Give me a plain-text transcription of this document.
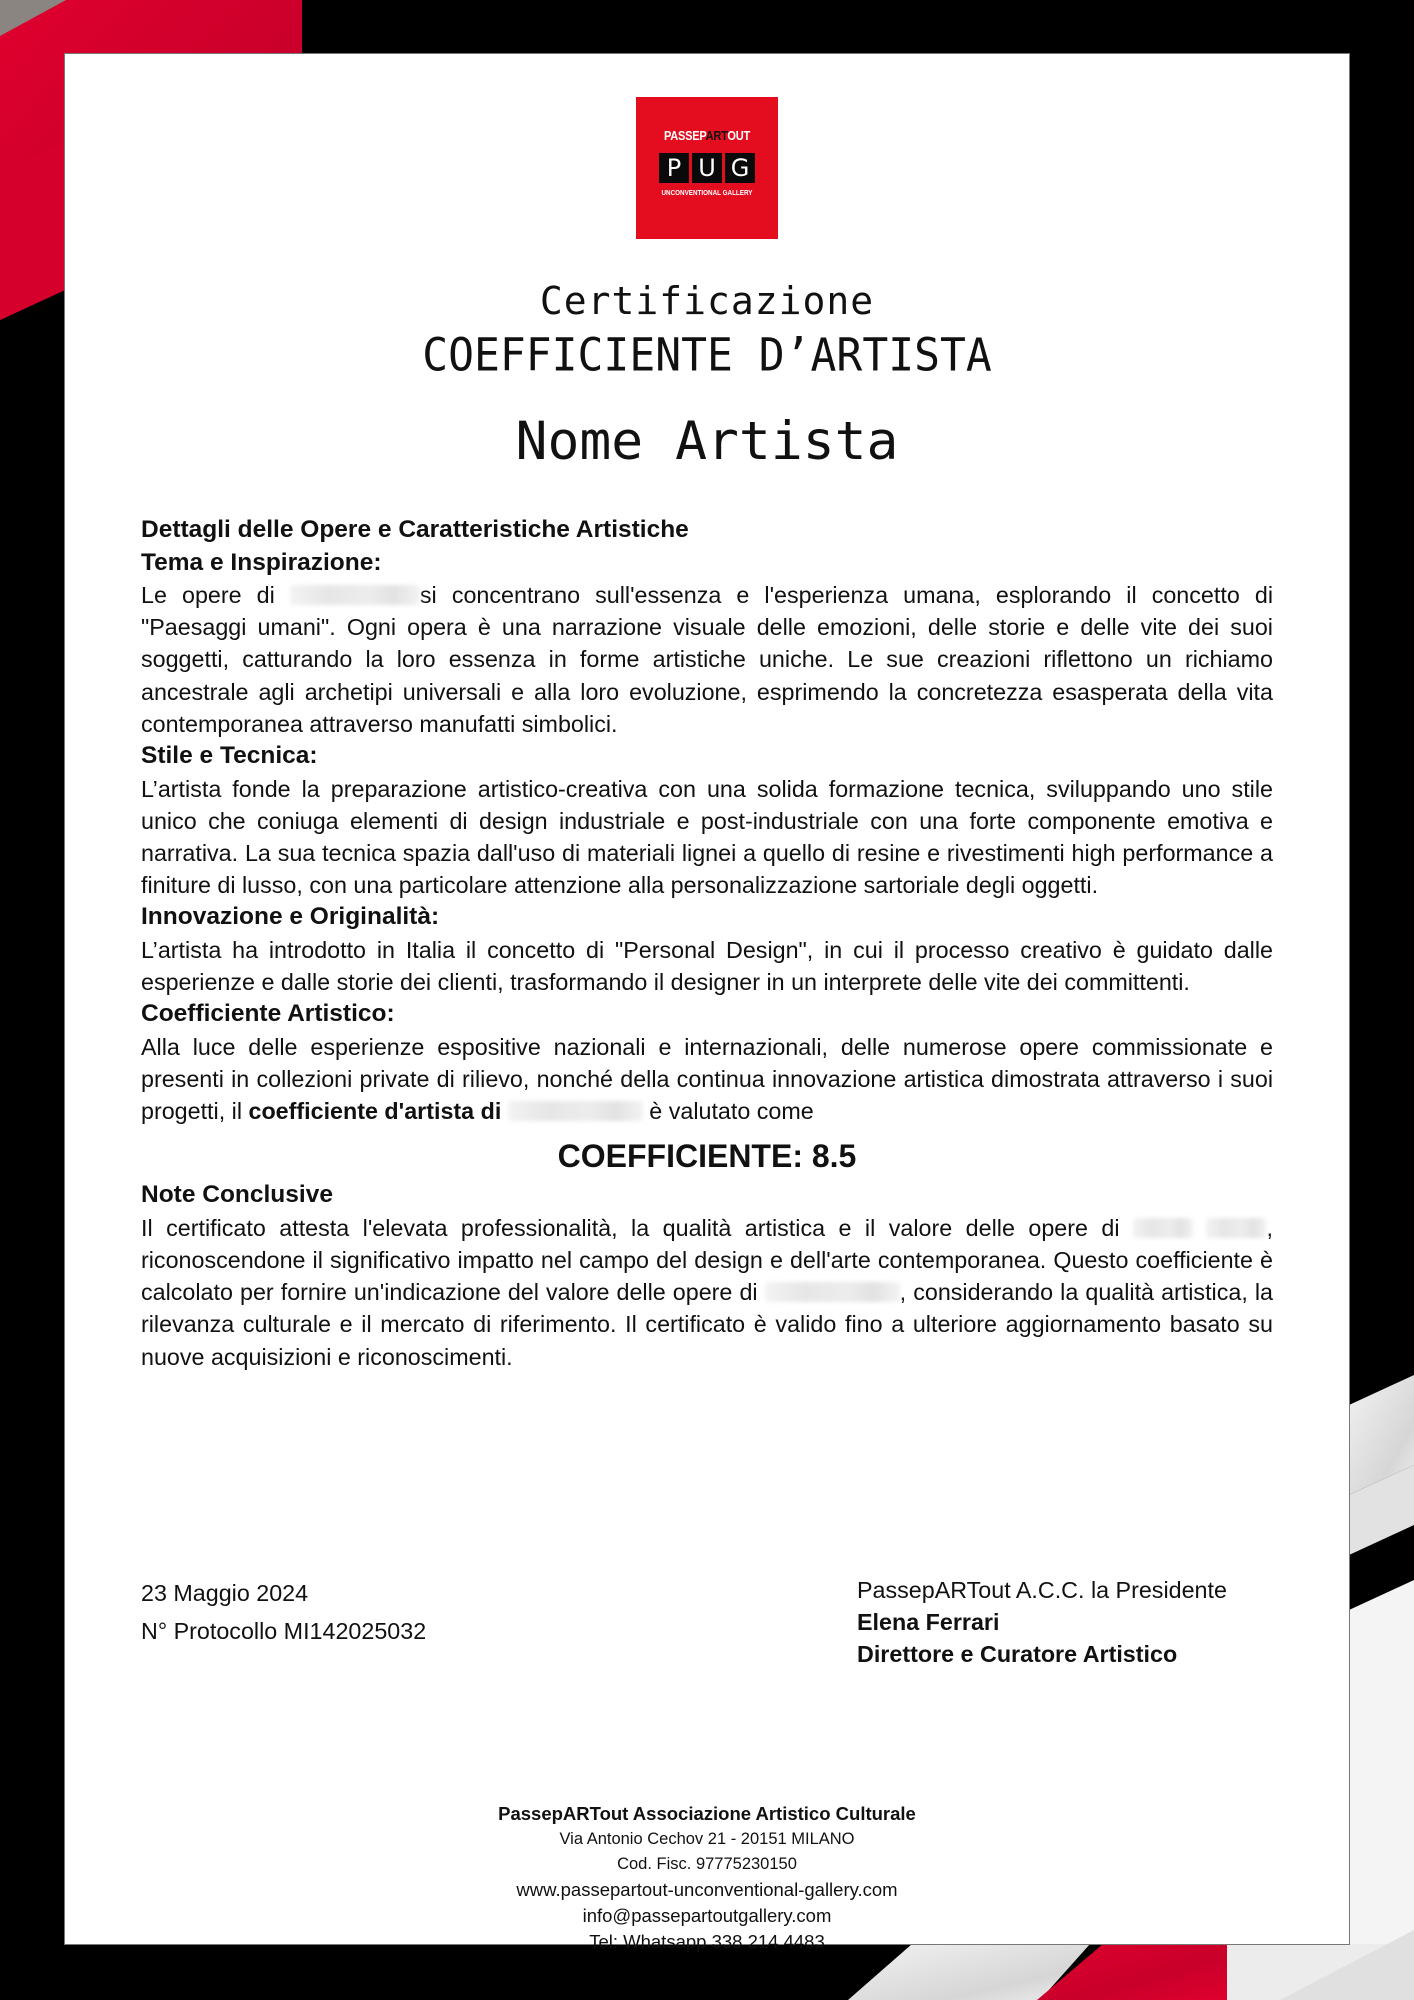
PASSEPARTOUT
P U G
UNCONVENTIONAL GALLERY
Certificazione
COEFFICIENTE D’ARTISTA
Nome Artista
Dettagli delle Opere e Caratteristiche Artistiche
Tema e Inspirazione:

Le opere di	si concentrano sull'essenza e l'esperienza umana, esplorando il concetto di "Paesaggi umani". Ogni opera è una narrazione visuale delle emozioni, delle storie e delle vite dei suoi soggetti, catturando la loro essenza in forme artistiche uniche. Le sue creazioni riflettono un richiamo ancestrale agli archetipi universali e alla loro evoluzione, esprimendo la concretezza esasperata della vita contemporanea attraverso manufatti simbolici.

Stile e Tecnica:

L’artista fonde la preparazione artistico-creativa con una solida formazione tecnica, sviluppando uno stile unico che coniuga elementi di design industriale e post-industriale con una forte componente emotiva e narrativa. La sua tecnica spazia dall'uso di materiali lignei a quello di resine e rivestimenti high performance a finiture di lusso, con una particolare attenzione alla personalizzazione sartoriale degli oggetti.

Innovazione e Originalità:

L’artista ha introdotto in Italia il concetto di "Personal Design", in cui il processo creativo è guidato dalle esperienze e dalle storie dei clienti, trasformando il designer in un interprete delle vite dei committenti.

Coefficiente Artistico:

Alla luce delle esperienze espositive nazionali e internazionali, delle numerose opere commissionate e presenti in collezioni private di rilievo, nonché della continua innovazione artistica dimostrata attraverso i suoi progetti, il coefficiente d'artista di	è valutato come

COEFFICIENTE: 8.5
Note Conclusive

Il certificato attesta l'elevata professionalità, la qualità artistica e il valore delle opere di	, riconoscendone il significativo impatto nel campo del design e dell'arte contemporanea. Questo coefficiente è calcolato per fornire un'indicazione del valore delle opere di	, considerando la qualità artistica, la rilevanza culturale e il mercato di riferimento. Il certificato è valido fino a ulteriore aggiornamento basato su nuove acquisizioni e riconoscimenti.

23 Maggio 2024
N° Protocollo MI142025032
PassepARTout A.C.C. la Presidente
Elena Ferrari
Direttore e Curatore Artistico
PassepARTout Associazione Artistico Culturale
Via Antonio Cechov 21 - 20151 MILANO
Cod. Fisc. 97775230150
www.passepartout-unconventional-gallery.com
info@passepartoutgallery.com
Tel: Whatsapp 338 214 4483
